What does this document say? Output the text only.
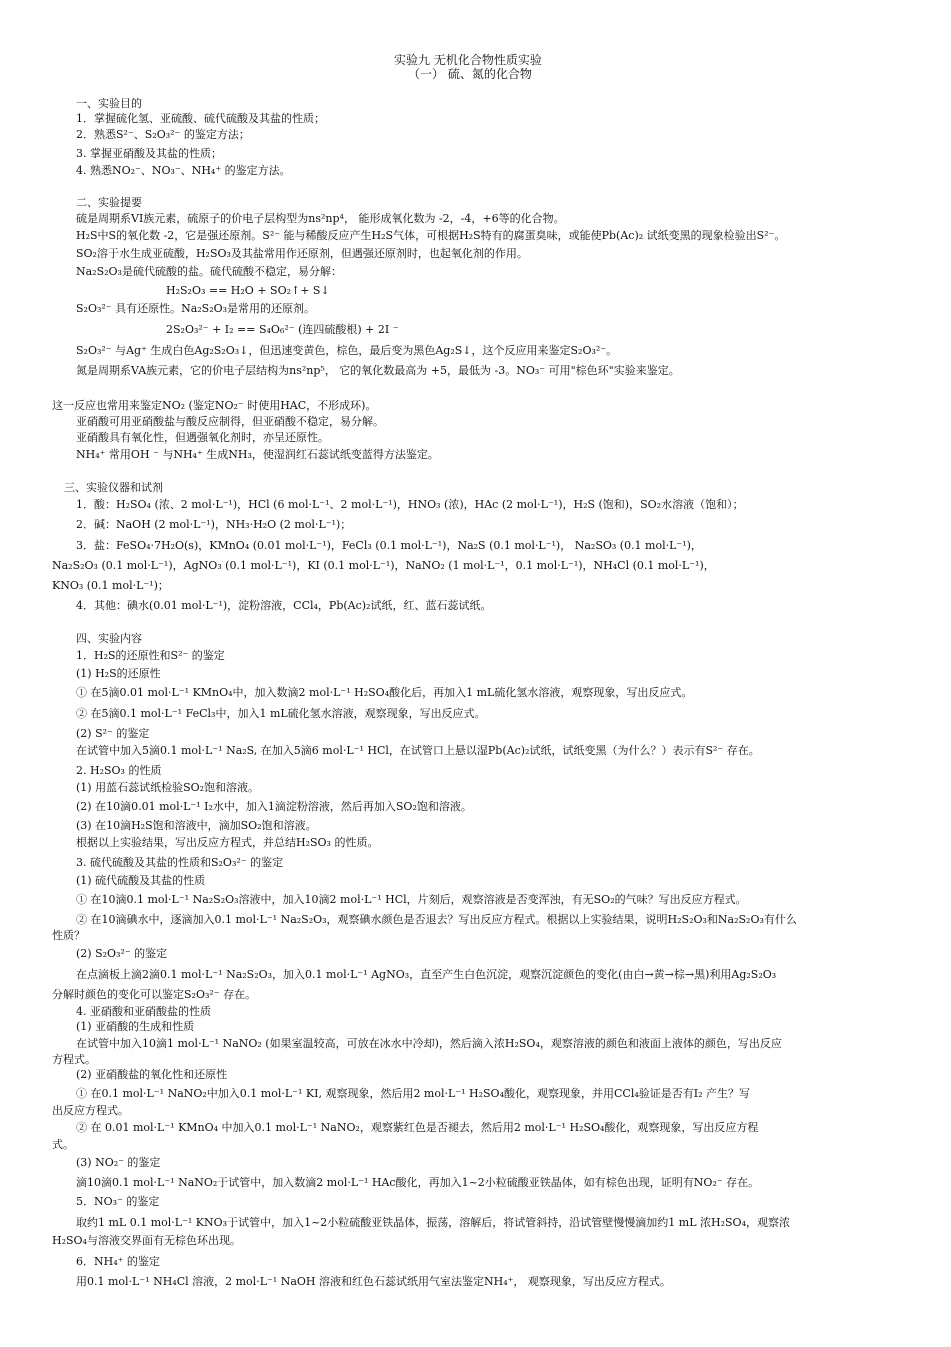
实验九 无机化合物性质实验
（一） 硫、氮的化合物
一、实验目的
1．掌握硫化氢、亚硫酸、硫代硫酸及其盐的性质；
2．熟悉S²⁻、S₂O₃²⁻ 的鉴定方法；
3. 掌握亚硝酸及其盐的性质；
4. 熟悉NO₂⁻、NO₃⁻、NH₄⁺ 的鉴定方法。
二、实验提要
硫是周期系VI族元素，硫原子的价电子层构型为ns²np⁴， 能形成氧化数为 -2，-4，+6等的化合物。
H₂S中S的氧化数 -2，它是强还原剂。S²⁻ 能与稀酸反应产生H₂S气体，可根据H₂S特有的腐蛋臭味，或能使Pb(Ac)₂ 试纸变黑的现象检验出S²⁻。
SO₂溶于水生成亚硫酸，H₂SO₃及其盐常用作还原剂，但遇强还原剂时，也起氧化剂的作用。
Na₂S₂O₃是硫代硫酸的盐。硫代硫酸不稳定，易分解：
H₂S₂O₃ == H₂O + SO₂↑+ S↓
S₂O₃²⁻ 具有还原性。Na₂S₂O₃是常用的还原剂。
2S₂O₃²⁻ + I₂ == S₄O₆²⁻ (连四硫酸根) + 2I ⁻
S₂O₃²⁻ 与Ag⁺ 生成白色Ag₂S₂O₃↓，但迅速变黄色，棕色，最后变为黑色Ag₂S↓，这个反应用来鉴定S₂O₃²⁻。
氮是周期系VA族元素，它的价电子层结构为ns²np⁵， 它的氧化数最高为 +5，最低为 -3。NO₃⁻ 可用"棕色环"实验来鉴定。
这一反应也常用来鉴定NO₂ (鉴定NO₂⁻ 时使用HAC，不形成环)。
亚硝酸可用亚硝酸盐与酸反应制得，但亚硝酸不稳定，易分解。
亚硝酸具有氧化性，但遇强氧化剂时，亦呈还原性。
NH₄⁺ 常用OH ⁻ 与NH₄⁺ 生成NH₃，使湿润红石蕊试纸变蓝得方法鉴定。
三、实验仪器和试剂
1．酸：H₂SO₄ (浓、2 mol·L⁻¹)，HCl (6 mol·L⁻¹、2 mol·L⁻¹)，HNO₃ (浓)，HAc (2 mol·L⁻¹)，H₂S (饱和)，SO₂水溶液（饱和）；
2．碱：NaOH (2 mol·L⁻¹)，NH₃·H₂O (2 mol·L⁻¹)；
3．盐：FeSO₄·7H₂O(s)，KMnO₄ (0.01 mol·L⁻¹)，FeCl₃ (0.1 mol·L⁻¹)，Na₂S (0.1 mol·L⁻¹)， Na₂SO₃ (0.1 mol·L⁻¹)，
Na₂S₂O₃ (0.1 mol·L⁻¹)，AgNO₃ (0.1 mol·L⁻¹)，KI (0.1 mol·L⁻¹)，NaNO₂ (1 mol·L⁻¹，0.1 mol·L⁻¹)，NH₄Cl (0.1 mol·L⁻¹)，
KNO₃ (0.1 mol·L⁻¹)；
4．其他：碘水(0.01 mol·L⁻¹)，淀粉溶液，CCl₄，Pb(Ac)₂试纸，红、蓝石蕊试纸。
四、实验内容
1．H₂S的还原性和S²⁻ 的鉴定
(1) H₂S的还原性
① 在5滴0.01 mol·L⁻¹ KMnO₄中，加入数滴2 mol·L⁻¹ H₂SO₄酸化后，再加入1 mL硫化氢水溶液，观察现象，写出反应式。
② 在5滴0.1 mol·L⁻¹ FeCl₃中，加入1 mL硫化氢水溶液，观察现象，写出反应式。
(2) S²⁻ 的鉴定
在试管中加入5滴0.1 mol·L⁻¹ Na₂S, 在加入5滴6 mol·L⁻¹ HCl，在试管口上悬以湿Pb(Ac)₂试纸，试纸变黑（为什么？）表示有S²⁻ 存在。
2. H₂SO₃ 的性质
(1) 用蓝石蕊试纸检验SO₂饱和溶液。
(2) 在10滴0.01 mol·L⁻¹ I₂水中，加入1滴淀粉溶液，然后再加入SO₂饱和溶液。
(3) 在10滴H₂S饱和溶液中，滴加SO₂饱和溶液。
根据以上实验结果，写出反应方程式，并总结H₂SO₃ 的性质。
3. 硫代硫酸及其盐的性质和S₂O₃²⁻ 的鉴定
(1) 硫代硫酸及其盐的性质
① 在10滴0.1 mol·L⁻¹ Na₂S₂O₃溶液中，加入10滴2 mol·L⁻¹ HCl，片刻后，观察溶液是否变浑浊，有无SO₂的气味？写出反应方程式。
② 在10滴碘水中，逐滴加入0.1 mol·L⁻¹ Na₂S₂O₃，观察碘水颜色是否退去？写出反应方程式。根据以上实验结果，说明H₂S₂O₃和Na₂S₂O₃有什么
性质？
(2) S₂O₃²⁻ 的鉴定
在点滴板上滴2滴0.1 mol·L⁻¹ Na₂S₂O₃，加入0.1 mol·L⁻¹ AgNO₃，直至产生白色沉淀，观察沉淀颜色的变化(由白→黄→棕→黑)利用Ag₂S₂O₃
分解时颜色的变化可以鉴定S₂O₃²⁻ 存在。
4. 亚硝酸和亚硝酸盐的性质
(1) 亚硝酸的生成和性质
在试管中加入10滴1 mol·L⁻¹ NaNO₂ (如果室温较高，可放在冰水中冷却)，然后滴入浓H₂SO₄，观察溶液的颜色和液面上液体的颜色，写出反应
方程式。
(2) 亚硝酸盐的氧化性和还原性
① 在0.1 mol·L⁻¹ NaNO₂中加入0.1 mol·L⁻¹ KI, 观察现象，然后用2 mol·L⁻¹ H₂SO₄酸化，观察现象，并用CCl₄验证是否有I₂ 产生？写
出反应方程式。
② 在 0.01 mol·L⁻¹ KMnO₄ 中加入0.1 mol·L⁻¹ NaNO₂，观察紫红色是否褪去，然后用2 mol·L⁻¹ H₂SO₄酸化，观察现象，写出反应方程
式。
(3) NO₂⁻ 的鉴定
滴10滴0.1 mol·L⁻¹ NaNO₂于试管中，加入数滴2 mol·L⁻¹ HAc酸化，再加入1~2小粒硫酸亚铁晶体，如有棕色出现，证明有NO₂⁻ 存在。
5．NO₃⁻ 的鉴定
取约1 mL 0.1 mol·L⁻¹ KNO₃于试管中，加入1~2小粒硫酸亚铁晶体，振荡，溶解后，将试管斜持，沿试管壁慢慢滴加约1 mL 浓H₂SO₄，观察浓
H₂SO₄与溶液交界面有无棕色环出现。
6．NH₄⁺ 的鉴定
用0.1 mol·L⁻¹ NH₄Cl 溶液，2 mol·L⁻¹ NaOH 溶液和红色石蕊试纸用气室法鉴定NH₄⁺， 观察现象，写出反应方程式。
